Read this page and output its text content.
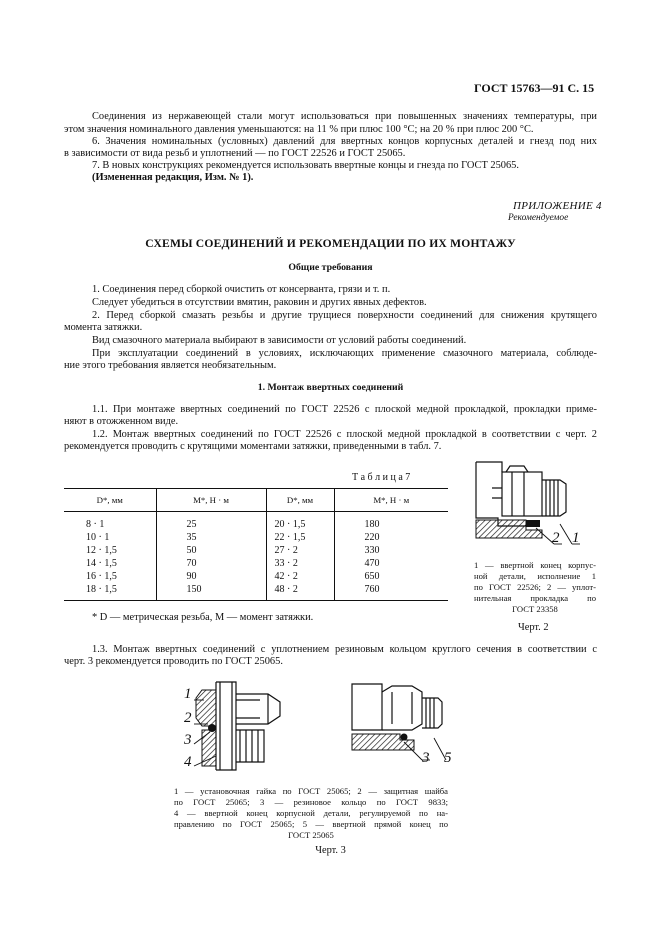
ГОСТ 15763—91 С. 15
Соединения из нержавеющей стали могут использоваться при повышенных значениях температуры, при
этом значения номинального давления уменьшаются: на 11 % при плюс 100 °С; на 20 % при плюс 200 °С.
6. Значения номинальных (условных) давлений для ввертных концов корпусных деталей и гнезд под них
в зависимости от вида резьб и уплотнений — по ГОСТ 22526 и ГОСТ 25065.
7. В новых конструкциях рекомендуется использовать ввертные концы и гнезда по ГОСТ 25065.
(Измененная редакция, Изм. № 1).
ПРИЛОЖЕНИЕ 4
Рекомендуемое
СХЕМЫ СОЕДИНЕНИЙ И РЕКОМЕНДАЦИИ ПО ИХ МОНТАЖУ
Общие требования
1. Соединения перед сборкой очистить от консерванта, грязи и т. п.
Следует убедиться в отсутствии вмятин, раковин и других явных дефектов.
2. Перед сборкой смазать резьбы и другие трущиеся поверхности соединений для снижения крутящего
момента затяжки.
Вид смазочного материала выбирают в зависимости от условий работы соединений.
При эксплуатации соединений в условиях, исключающих применение смазочного материала, соблюде-
ние этого требования является необязательным.
1. Монтаж ввертных соединений
1.1. При монтаже ввертных соединений по ГОСТ 22526 с плоской медной прокладкой, прокладки приме-
няют в отожженном виде.
1.2. Монтаж ввертных соединений по ГОСТ 22526 с плоской медной прокладкой в соответствии с черт. 2
рекомендуется проводить с крутящими моментами затяжки, приведенными в табл. 7.
Т а б л и ц а 7
D*, мм	M*, Н · м	D*, мм	M*, Н · м
8 · 1	25	20 · 1,5	180
10 · 1	35	22 · 1,5	220
12 · 1,5	50	27 · 2	330
14 · 1,5	70	33 · 2	470
16 · 1,5	90	42 · 2	650
18 · 1,5	150	48 · 2	760
* D — метрическая резьба, M — момент затяжки.
2 1
1 — ввертной конец корпус-
ной детали, исполнение 1
по ГОСТ 22526; 2 — уплот-
нительная прокладка по
ГОСТ 23358
Черт. 2
1.3. Монтаж ввертных соединений с уплотнением резиновым кольцом круглого сечения в соответствии с
черт. 3 рекомендуется проводить по ГОСТ 25065.
1
2
3
4	3 5
1 — установочная гайка по ГОСТ 25065; 2 — защитная шайба
по ГОСТ 25065; 3 — резиновое кольцо по ГОСТ 9833;
4 — ввертной конец корпусной детали, регулируемой по на-
правлению по ГОСТ 25065; 5 — ввертной прямой конец по
ГОСТ 25065
Черт. 3
